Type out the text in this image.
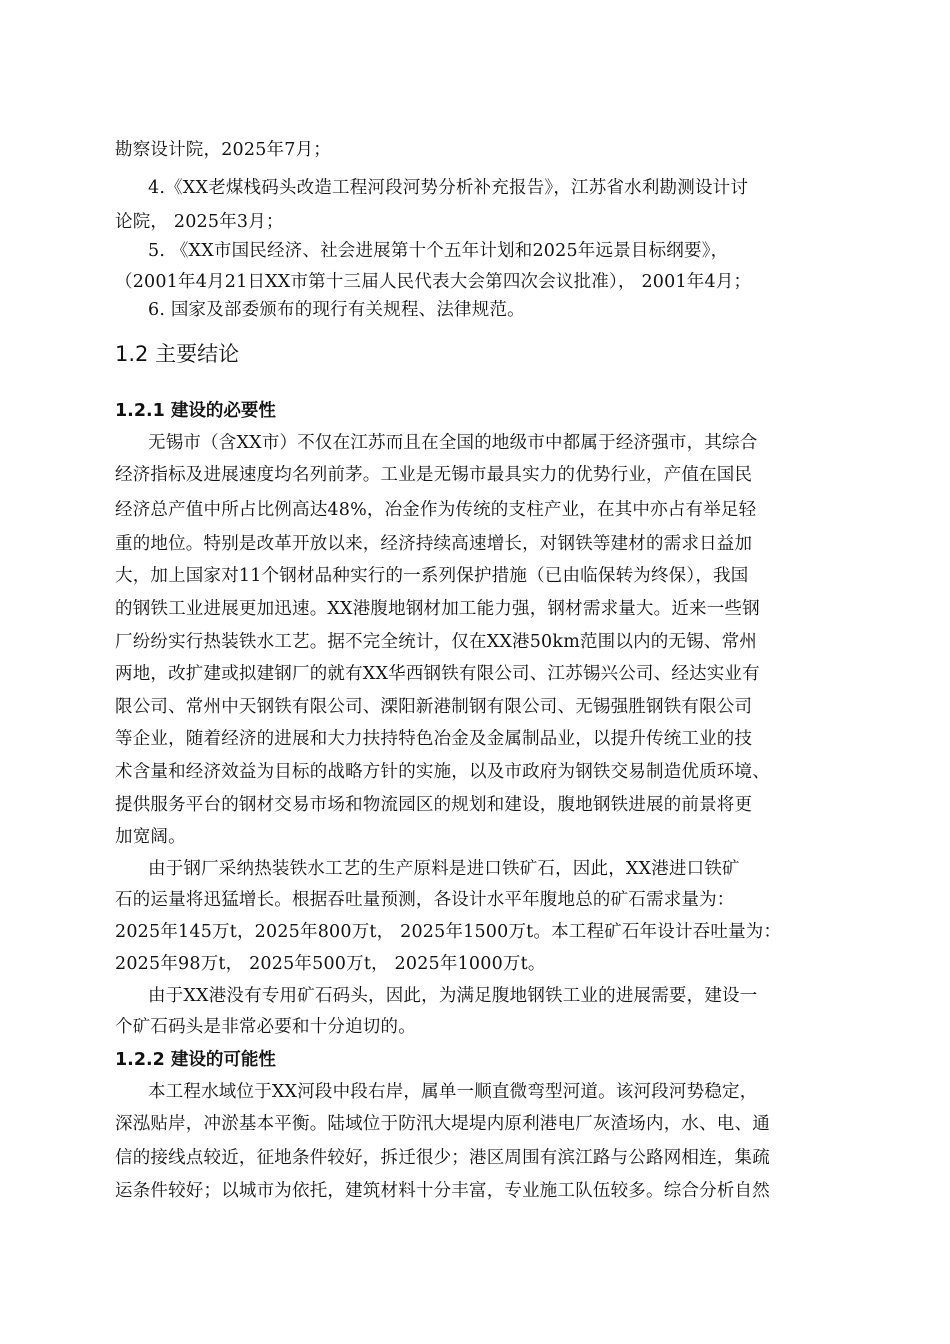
勘察设计院，2025年7月；
4.《XX老煤栈码头改造工程河段河势分析补充报告》，江苏省水利勘测设计讨
论院， 2025年3月；
5. 《XX市国民经济、社会进展第十个五年计划和2025年远景目标纲要》，
（2001年4月21日XX市第十三届人民代表大会第四次会议批准）， 2001年4月；
6. 国家及部委颁布的现行有关规程、法律规范。
1.2 主要结论
1.2.1 建设的必要性
无锡市（含XX市）不仅在江苏而且在全国的地级市中都属于经济强市，其综合
经济指标及进展速度均名列前茅。工业是无锡市最具实力的优势行业，产值在国民
经济总产值中所占比例高达48%，冶金作为传统的支柱产业，在其中亦占有举足轻
重的地位。特别是改革开放以来，经济持续高速增长，对钢铁等建材的需求日益加
大，加上国家对11个钢材品种实行的一系列保护措施（已由临保转为终保），我国
的钢铁工业进展更加迅速。XX港腹地钢材加工能力强，钢材需求量大。近来一些钢
厂纷纷实行热装铁水工艺。据不完全统计，仅在XX港50km范围以内的无锡、常州
两地，改扩建或拟建钢厂的就有XX华西钢铁有限公司、江苏锡兴公司、经达实业有
限公司、常州中天钢铁有限公司、溧阳新港制钢有限公司、无锡强胜钢铁有限公司
等企业，随着经济的进展和大力扶持特色冶金及金属制品业，以提升传统工业的技
术含量和经济效益为目标的战略方针的实施，以及市政府为钢铁交易制造优质环境、
提供服务平台的钢材交易市场和物流园区的规划和建设，腹地钢铁进展的前景将更
加宽阔。
由于钢厂采纳热装铁水工艺的生产原料是进口铁矿石，因此，XX港进口铁矿
石的运量将迅猛增长。根据吞吐量预测，各设计水平年腹地总的矿石需求量为：
2025年145万t，2025年800万t， 2025年1500万t。本工程矿石年设计吞吐量为：
2025年98万t， 2025年500万t， 2025年1000万t。
由于XX港没有专用矿石码头，因此，为满足腹地钢铁工业的进展需要，建设一
个矿石码头是非常必要和十分迫切的。
1.2.2 建设的可能性
本工程水域位于XX河段中段右岸，属单一顺直微弯型河道。该河段河势稳定，
深泓贴岸，冲淤基本平衡。陆域位于防汛大堤堤内原利港电厂灰渣场内，水、电、通
信的接线点较近，征地条件较好，拆迁很少；港区周围有滨江路与公路网相连，集疏
运条件较好；以城市为依托，建筑材料十分丰富，专业施工队伍较多。综合分析自然
